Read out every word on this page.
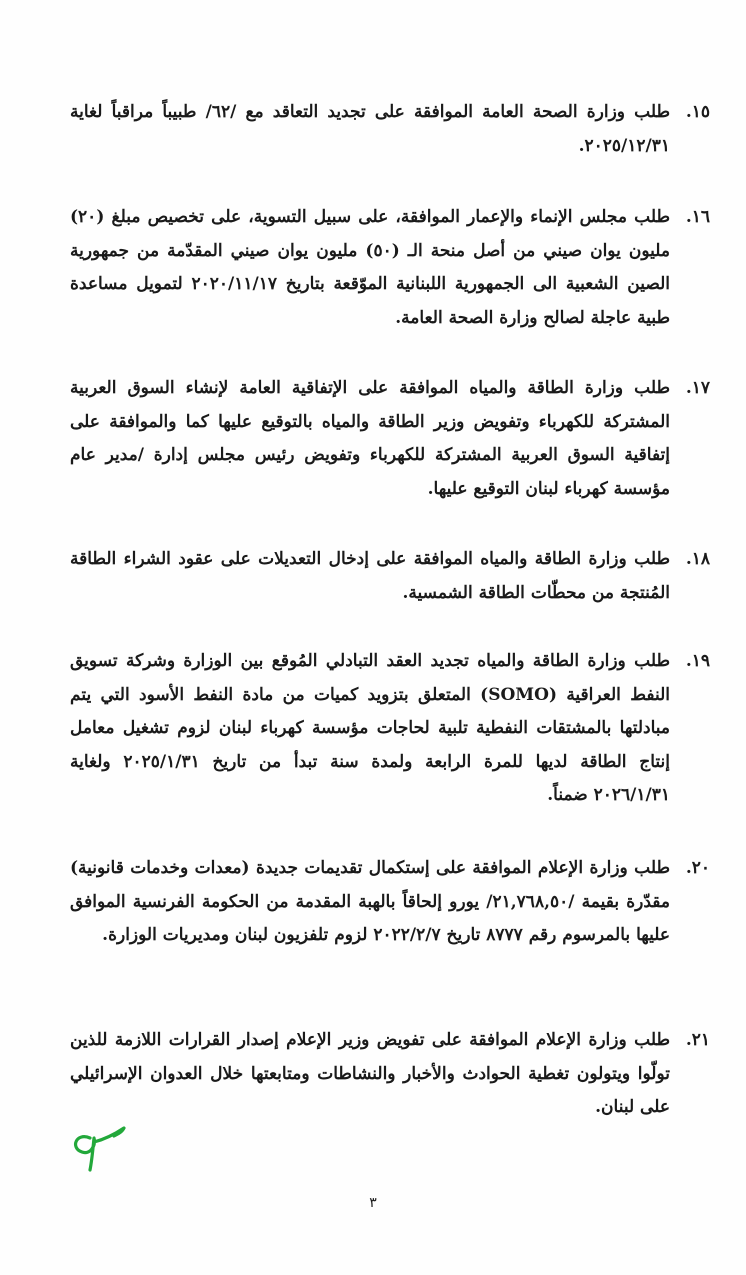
١٥.
طلب وزارة الصحة العامة الموافقة على تجديد التعاقد مع /٦٢/ طبيباً مراقباً لغاية ٢٠٢٥/١٢/٣١.
١٦.
طلب مجلس الإنماء والإعمار الموافقة، على سبيل التسوية، على تخصيص مبلغ (٢٠) مليون يوان صيني من أصل منحة الـ (٥٠) مليون يوان صيني المقدّمة من جمهورية الصين الشعبية الى الجمهورية اللبنانية الموّقعة بتاريخ ٢٠٢٠/١١/١٧ لتمويل مساعدة طبية عاجلة لصالح وزارة الصحة العامة.
١٧.
طلب وزارة الطاقة والمياه الموافقة على الإتفاقية العامة لإنشاء السوق العربية المشتركة للكهرباء وتفويض وزير الطاقة والمياه بالتوقيع عليها كما والموافقة على إتفاقية السوق العربية المشتركة للكهرباء وتفويض رئيس مجلس إدارة /مدير عام مؤسسة كهرباء لبنان التوقيع عليها.
١٨.
طلب وزارة الطاقة والمياه الموافقة على إدخال التعديلات على عقود الشراء الطاقة المُنتجة من محطّات الطاقة الشمسية.
١٩.
طلب وزارة الطاقة والمياه تجديد العقد التبادلي المُوقع بين الوزارة وشركة تسويق النفط العراقية (SOMO) المتعلق بتزويد كميات من مادة النفط الأسود التي يتم مبادلتها بالمشتقات النفطية تلبية لحاجات مؤسسة كهرباء لبنان لزوم تشغيل معامل إنتاج الطاقة لديها للمرة الرابعة ولمدة سنة تبدأ من تاريخ ٢٠٢٥/١/٣١ ولغاية ٢٠٢٦/١/٣١ ضمناً.
٢٠.
طلب وزارة الإعلام الموافقة على إستكمال تقديمات جديدة (معدات وخدمات قانونية) مقدّرة بقيمة /٢١,٧٦٨,٥٠/ يورو إلحاقاً بالهبة المقدمة من الحكومة الفرنسية الموافق عليها بالمرسوم رقم ٨٧٧٧ تاريخ ٢٠٢٢/٢/٧ لزوم تلفزيون لبنان ومديريات الوزارة.
٢١.
طلب وزارة الإعلام الموافقة على تفويض وزير الإعلام إصدار القرارات اللازمة للذين تولّوا ويتولون تغطية الحوادث والأخبار والنشاطات ومتابعتها خلال العدوان الإسرائيلي على لبنان.
٣
